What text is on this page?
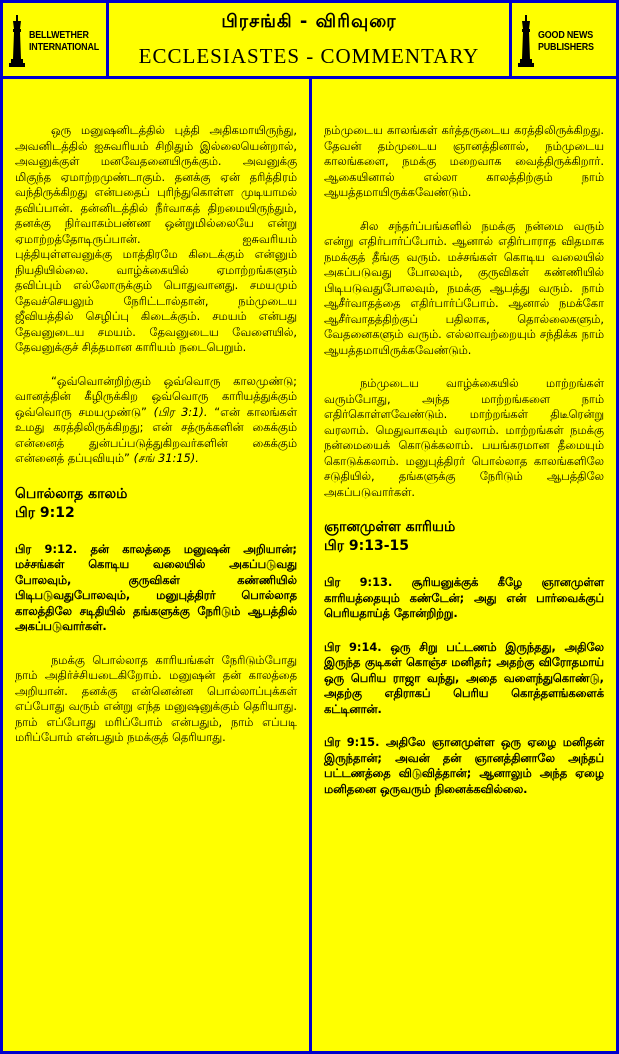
BELLWETHER
INTERNATIONAL
பிரசங்கி - விரிவுரை
ECCLESIASTES - COMMENTARY
GOOD NEWS
PUBLISHERS

ஒரு மனுஷனிடத்தில் புத்தி அதிகமாயிருந்து, அவனிடத்தில் ஐசுவரியம் சிறிதும் இல்லையென்றால், அவனுக்குள் மனவேதனையிருக்கும். அவனுக்கு மிகுந்த ஏமாற்றமுண்டாகும். தனக்கு ஏன் தரித்திரம் வந்திருக்கிறது என்பதைப் புரிந்துகொள்ள முடியாமல் தவிப்பான். தன்னிடத்தில் நீர்வாகத் திறமையிருந்தும், தனக்கு நிர்வாகம்பண்ண ஒன்றுமில்லையே என்று ஏமாற்றத்தோடிருப்பான். ஐசுவரியம் புத்தியுள்ளவனுக்கு மாத்திரமே கிடைக்கும் என்னும் நியதியில்லை. வாழ்க்கையில் ஏமாற்றங்களும் தவிப்பும் எல்லோருக்கும் பொதுவானது. சமயமும் தேவச்செயலும் நேரிட்டால்தான், நம்முடைய ஜீவியத்தில் செழிப்பு கிடைக்கும். சமயம் என்பது தேவனுடைய சமயம். தேவனுடைய வேளையில், தேவனுக்குச் சித்தமான காரியம் நடைபெறும்.

“ஒவ்வொன்றிற்கும் ஒவ்வொரு காலமுண்டு; வானத்தின் கீழிருக்கிற ஒவ்வொரு காரியத்துக்கும் ஒவ்வொரு சமயமுண்டு” (பிர 3:1). “என் காலங்கள் உமது கரத்திலிருக்கிறது; என் சத்ருக்களின் கைக்கும் என்னைத் துன்பப்படுத்துகிறவர்களின் கைக்கும் என்னைத் தப்புவியும்” (சங் 31:15).

பொல்லாத காலம்
பிர 9:12

பிர 9:12. தன் காலத்தை மனுஷன் அறியான்; மச்சங்கள் கொடிய வலையில் அகப்படுவது போலவும், குருவிகள் கண்ணியில் பிடிபடுவதுபோலவும், மனுபுத்திரர் பொல்லாத காலத்திலே சடிதியில் தங்களுக்கு நேரிடும் ஆபத்தில் அகப்படுவார்கள்.

நமக்கு பொல்லாத காரியங்கள் நேரிடும்போது நாம் அதிர்ச்சியடைகிறோம். மனுஷன் தன் காலத்தை அறியான். தனக்கு என்னென்ன பொல்லாப்புக்கள் எப்போது வரும் என்று எந்த மனுஷனுக்கும் தெரியாது. நாம் எப்போது மரிப்போம் என்பதும், நாம் எப்படி மரிப்போம் என்பதும் நமக்குத் தெரியாது.

நம்முடைய காலங்கள் கர்த்தருடைய கரத்திலிருக்கிறது. தேவன் தம்முடைய ஞானத்தினால், நம்முடைய காலங்களை, நமக்கு மறைவாக வைத்திருக்கிறார். ஆகையினால் எல்லா காலத்திற்கும் நாம் ஆயத்தமாயிருக்கவேண்டும்.

சில சந்தர்ப்பங்களில் நமக்கு நன்மை வரும் என்று எதிர்பார்ப்போம். ஆனால் எதிர்பாராத விதமாக நமக்குத் தீங்கு வரும். மச்சங்கள் கொடிய வலையில் அகப்படுவது போலவும், குருவிகள் கண்ணியில் பிடிபடுவதுபோலவும், நமக்கு ஆபத்து வரும். நாம் ஆசீர்வாதத்தை எதிர்பார்ப்போம். ஆனால் நமக்கோ ஆசீர்வாதத்திற்குப் பதிலாக, தொல்லைகளும், வேதனைகளும் வரும். எல்லாவற்றையும் சந்திக்க நாம் ஆயத்தமாயிருக்கவேண்டும்.

நம்முடைய வாழ்க்கையில் மாற்றங்கள் வரும்போது, அந்த மாற்றங்களை நாம் எதிர்கொள்ளவேண்டும். மாற்றங்கள் திடீரென்று வரலாம். மெதுவாகவும் வரலாம். மாற்றங்கள் நமக்கு நன்மையைக் கொடுக்கலாம். பயங்கரமான தீமையும் கொடுக்கலாம். மனுபுத்திரர் பொல்லாத காலங்களிலே சடுதியில், தங்களுக்கு நேரிடும் ஆபத்திலே அகப்படுவார்கள்.

ஞானமுள்ள காரியம்
பிர 9:13-15

பிர 9:13. சூரியனுக்குக் கீழே ஞானமுள்ள காரியத்தையும் கண்டேன்; அது என் பார்வைக்குப் பெரியதாய்த் தோன்றிற்று.

பிர 9:14. ஒரு சிறு பட்டணம் இருந்தது, அதிலே இருந்த குடிகள் கொஞ்ச மனிதர்; அதற்கு விரோதமாய் ஒரு பெரிய ராஜா வந்து, அதை வளைந்துகொண்டு, அதற்கு எதிராகப் பெரிய கொத்தளங்களைக் கட்டினான்.

பிர 9:15. அதிலே ஞானமுள்ள ஒரு ஏழை மனிதன் இருந்தான்; அவன் தன் ஞானத்தினாலே அந்தப் பட்டணத்தை விடுவித்தான்; ஆனாலும் அந்த ஏழை மனிதனை ஒருவரும் நினைக்கவில்லை.
